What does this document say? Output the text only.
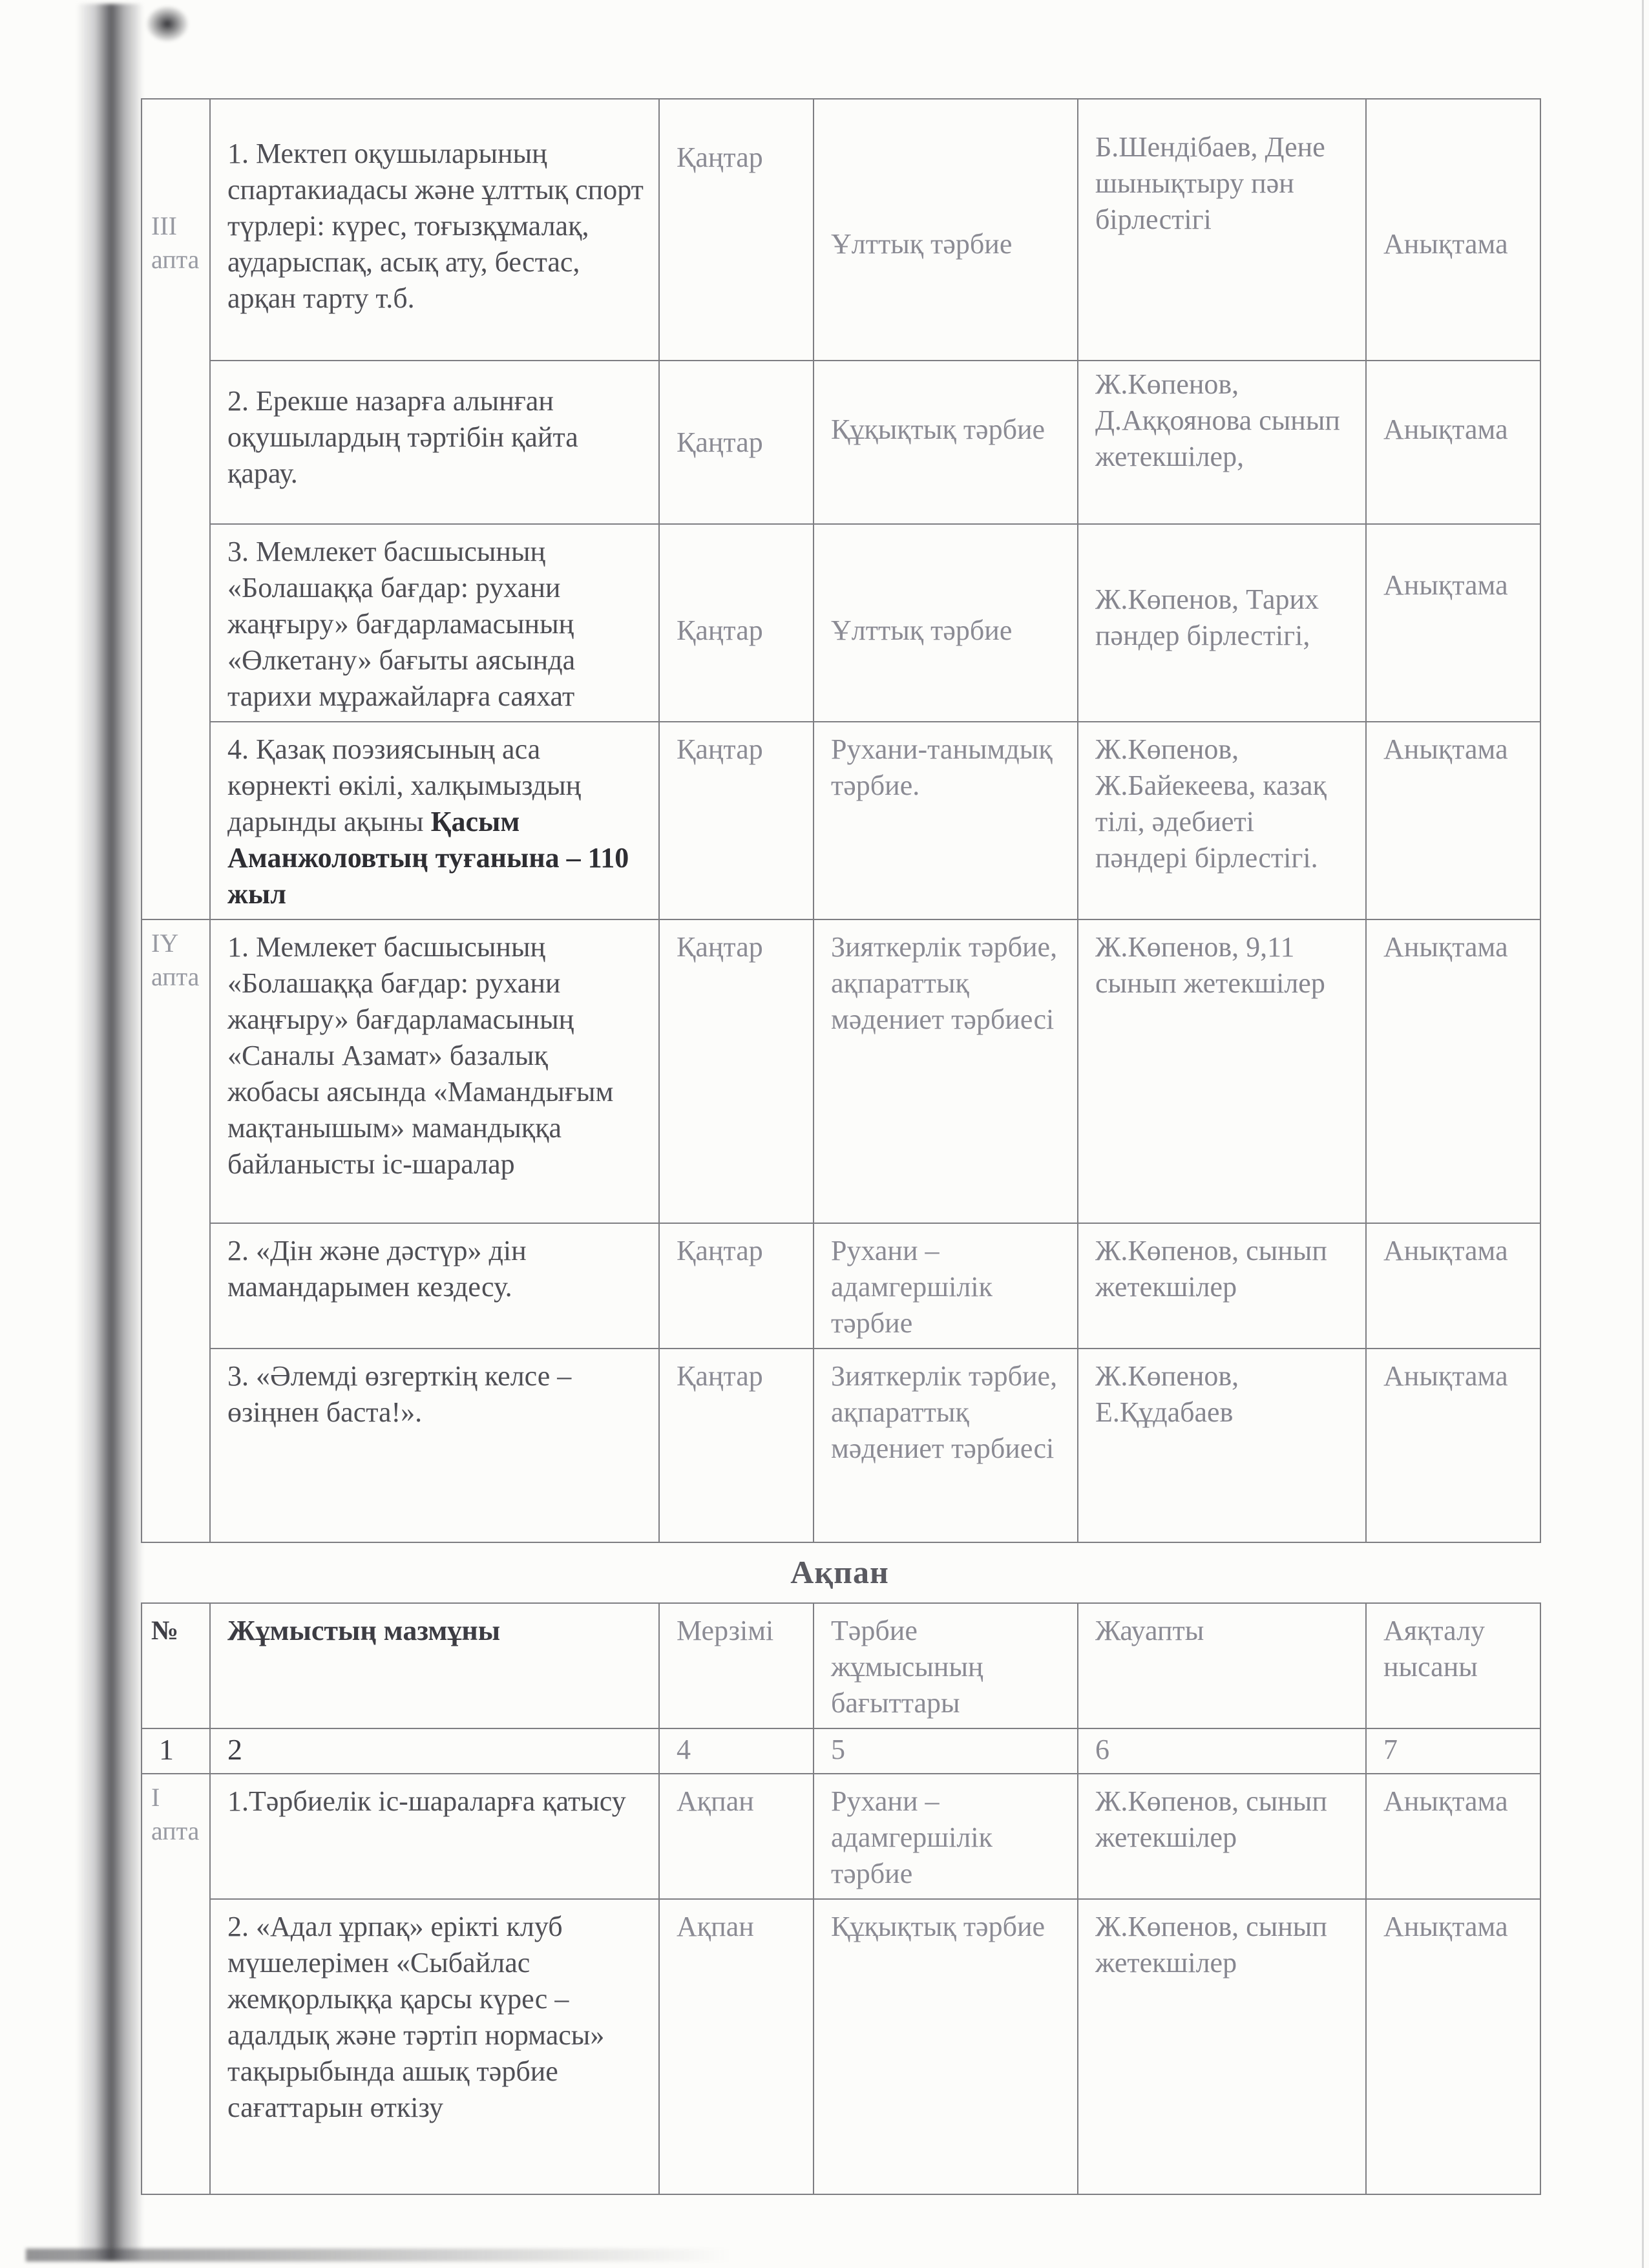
III апта	1. Мектеп оқушыларының спартакиадасы және ұлттық спорт түрлері: күрес, тоғызқұмалақ, аударыспақ, асық ату, бестас, арқан тарту т.б.	Қаңтар	Ұлттық тәрбие	Б.Шендібаев, Дене шынықтыру пән бірлестігі	Анықтама
	2. Ерекше назарға алынған оқушылардың тәртібін қайта қарау.	Қаңтар	Құқықтық тәрбие	Ж.Көпенов, Д.Аққоянова сынып жетекшілер,	Анықтама
	3. Мемлекет басшысының «Болашаққа бағдар: рухани жаңғыру» бағдарламасының «Өлкетану» бағыты аясында тарихи мұражайларға саяхат	Қаңтар	Ұлттық тәрбие	Ж.Көпенов, Тарих пәндер бірлестігі,	Анықтама
	4. Қазақ поэзиясының аса көрнекті өкілі, халқымыздың дарынды ақыны Қасым Аманжоловтың туғанына – 110 жыл	Қаңтар	Рухани-танымдық тәрбие.	Ж.Көпенов, Ж.Байекеева, казақ тілі, әдебиеті пәндері бірлестігі.	Анықтама
ІҮ апта	1. Мемлекет басшысының «Болашаққа бағдар: рухани жаңғыру» бағдарламасының «Саналы Азамат» базалық жобасы аясында «Мамандығым мақтанышым» мамандыққа байланысты іс-шаралар	Қаңтар	Зияткерлік тәрбие, ақпараттық мәдениет тәрбиесі	Ж.Көпенов, 9,11 сынып жетекшілер	Анықтама
	2. «Дін және дәстүр» дін мамандарымен кездесу.	Қаңтар	Рухани – адамгершілік тәрбие	Ж.Көпенов, сынып жетекшілер	Анықтама
	3. «Әлемді өзгерткің келсе – өзіңнен баста!».	Қаңтар	Зияткерлік тәрбие, ақпараттық мәдениет тәрбиесі	Ж.Көпенов, Е.Құдабаев	Анықтама
Ақпан
№	Жұмыстың мазмұны	Мерзімі	Тәрбие жұмысының бағыттары	Жауапты	Аяқталу нысаны
1	2	4	5	6	7
I апта	1.Тәрбиелік іс-шараларға қатысу	Ақпан	Рухани – адамгершілік тәрбие	Ж.Көпенов, сынып жетекшілер	Анықтама
	2. «Адал ұрпақ» ерікті клуб мүшелерімен «Сыбайлас жемқорлыққа қарсы күрес – адалдық және тәртіп нормасы» тақырыбында ашық тәрбие сағаттарын өткізу	Ақпан	Құқықтық тәрбие	Ж.Көпенов, сынып жетекшілер	Анықтама
